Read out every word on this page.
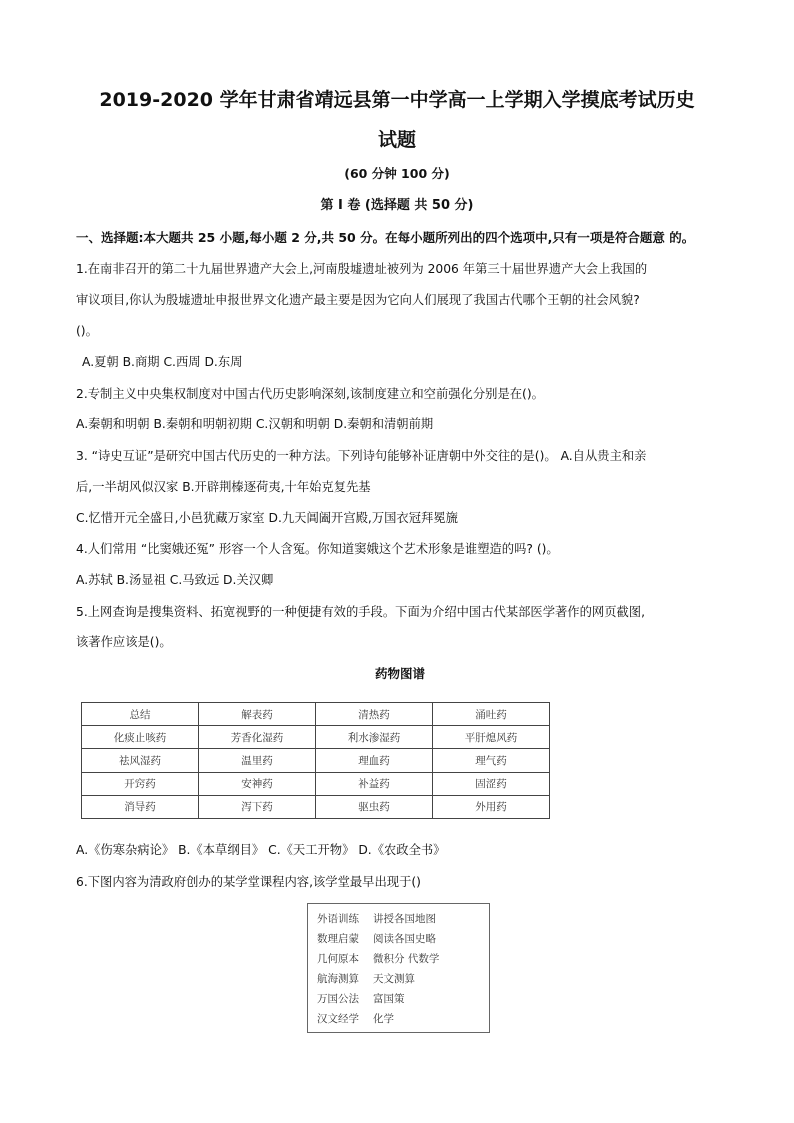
2019-2020 学年甘肃省靖远县第一中学高一上学期入学摸底考试历史
试题
(60 分钟 100 分)
第 I 卷 (选择题 共 50 分)
一、选择题:本大题共 25 小题,每小题 2 分,共 50 分。在每小题所列出的四个选项中,只有一项是符合题意 的。
1.在南非召开的第二十九届世界遗产大会上,河南殷墟遗址被列为 2006 年第三十届世界遗产大会上我国的
审议项目,你认为殷墟遗址申报世界文化遗产最主要是因为它向人们展现了我国古代哪个王朝的社会风貌?
()。
A.夏朝 B.商期 C.西周 D.东周
2.专制主义中央集权制度对中国古代历史影响深刻,该制度建立和空前强化分别是在()。
A.秦朝和明朝 B.秦朝和明朝初期 C.汉朝和明朝 D.秦朝和清朝前期
3. “诗史互证”是研究中国古代历史的一种方法。下列诗句能够补证唐朝中外交往的是()。 A.自从贵主和亲
后,一半胡风似汉家 B.开辟荆榛逐荷夷,十年始克复先基
C.忆惜开元全盛日,小邑犹藏万家室 D.九天阊阖开宫殿,万国衣冠拜冕旒
4.人们常用 “比窦娥还冤” 形容一个人含冤。你知道窦娥这个艺术形象是谁塑造的吗? ()。
A.苏轼 B.汤显祖 C.马致远 D.关汉卿
5.上网查询是搜集资料、拓宽视野的一种便捷有效的手段。下面为介绍中国古代某部医学著作的网页截图,
该著作应该是()。
药物图谱
总结	解表药	清热药	涌吐药
化痰止咳药	芳香化湿药	利水渗湿药	平肝熄风药
祛风湿药	温里药	理血药	理气药
开窍药	安神药	补益药	固涩药
消导药	泻下药	驱虫药	外用药
A.《伤寒杂病论》 B.《本草纲目》 C.《天工开物》 D.《农政全书》
6.下图内容为清政府创办的某学堂课程内容,该学堂最早出现于()
外语训练 讲授各国地图
数理启蒙 阅读各国史略
几何原本 微积分 代数学
航海测算 天文测算
万国公法 富国策
汉文经学 化学
